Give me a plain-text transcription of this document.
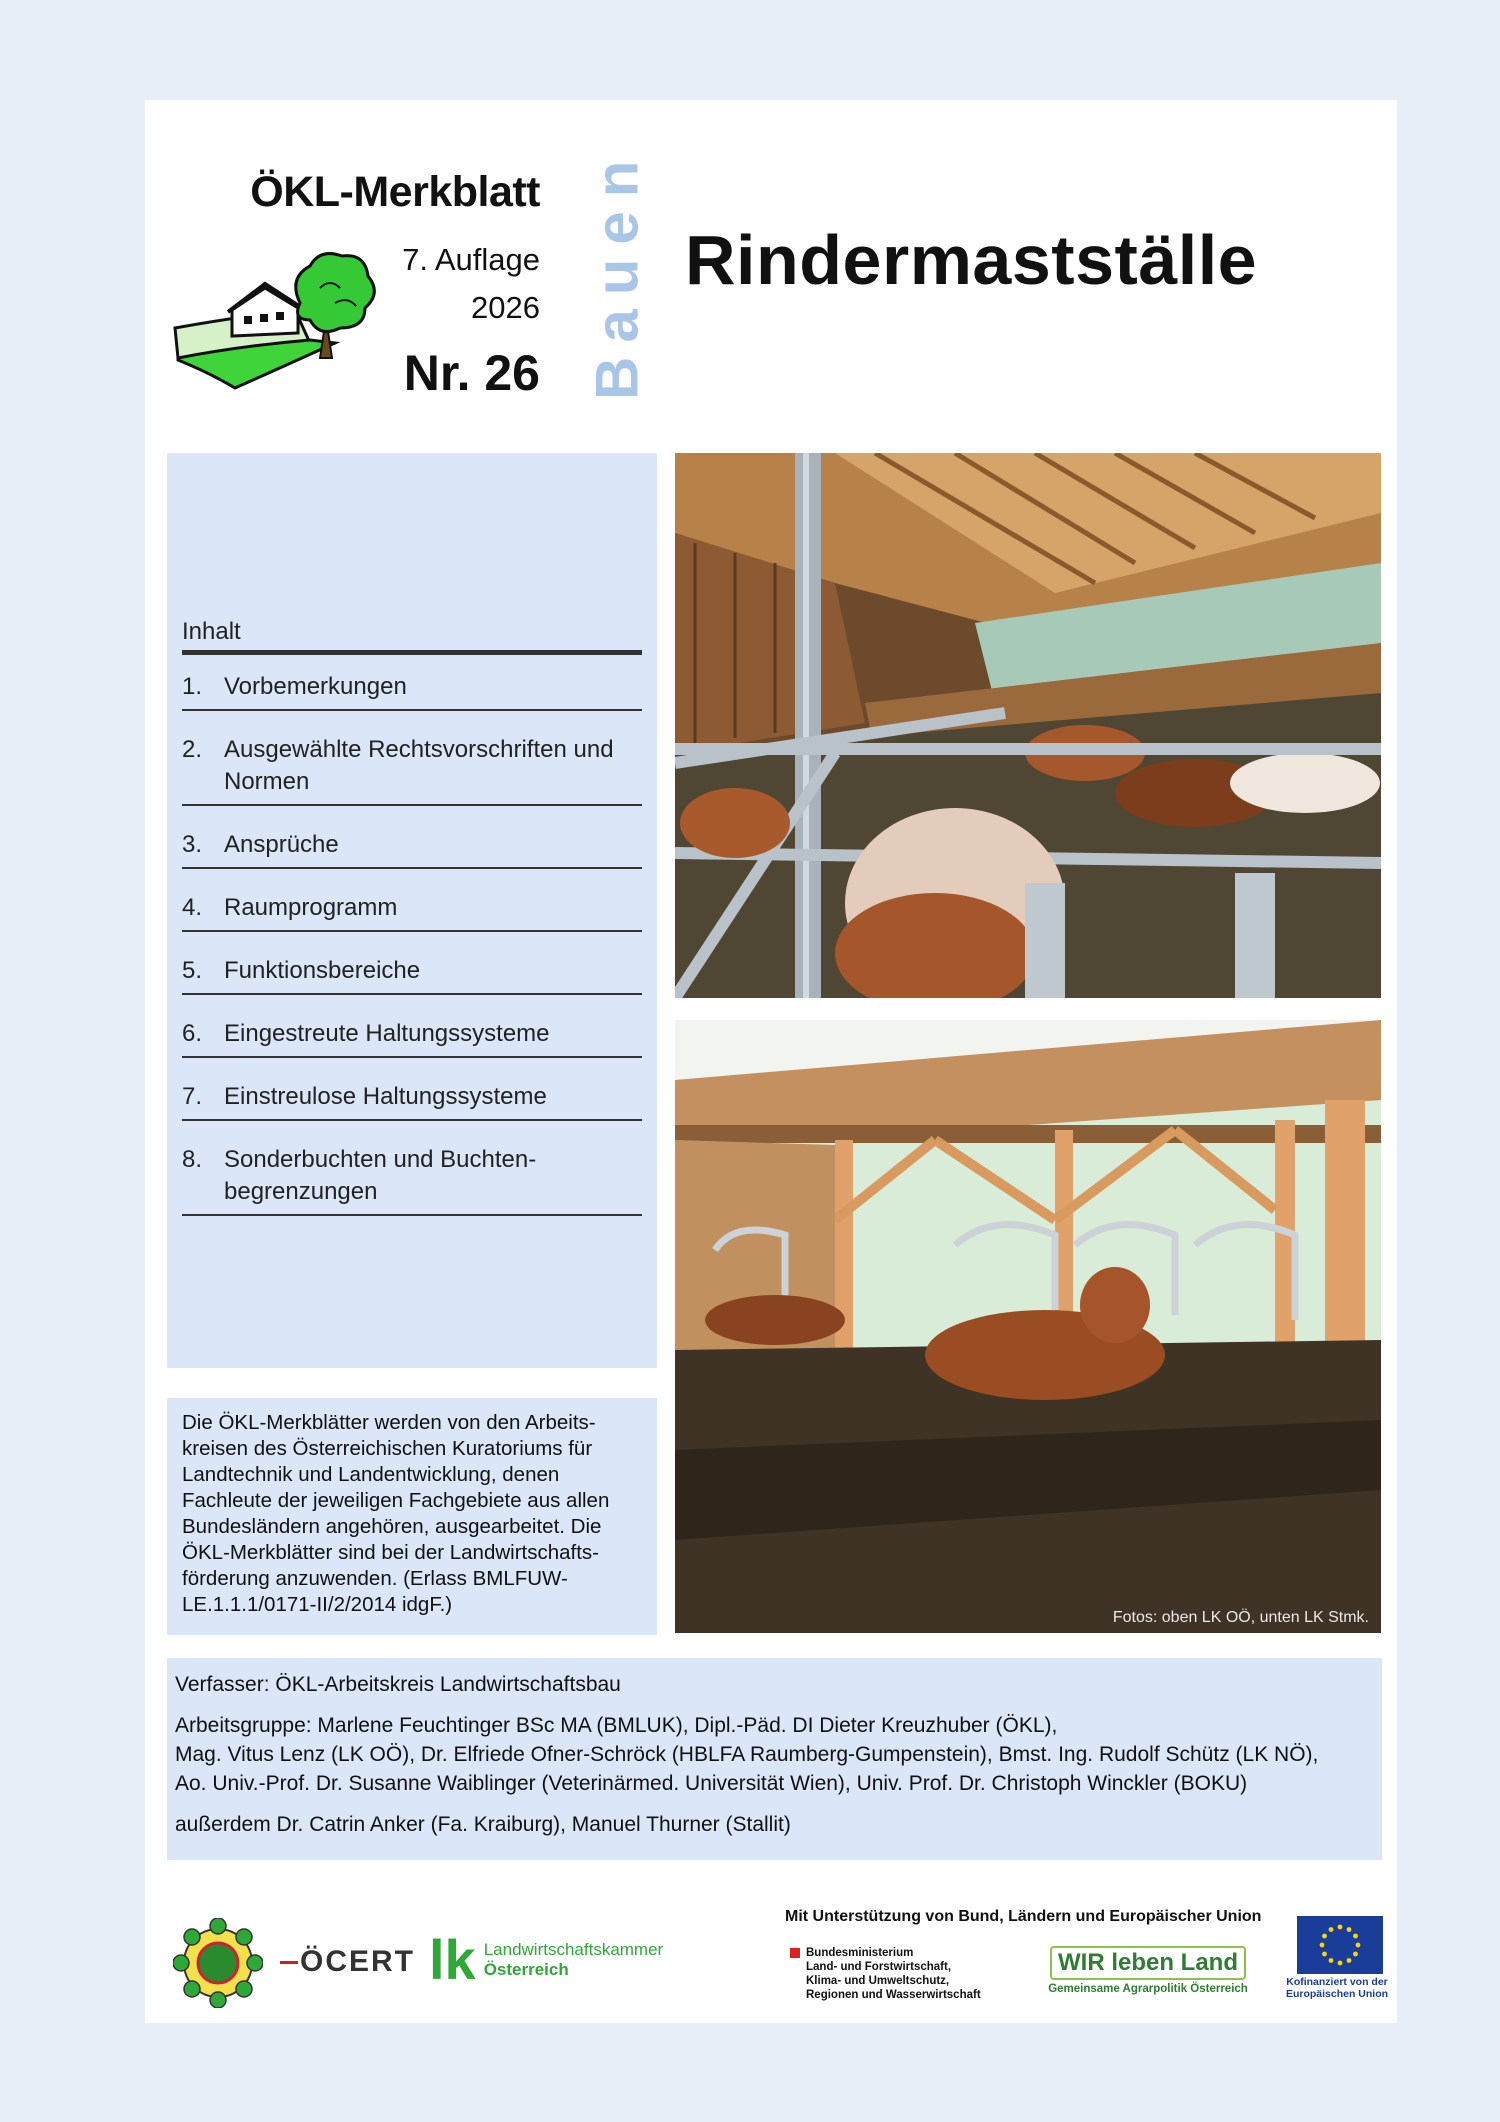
ÖKL-Merkblatt
7. Auflage
2026
Nr. 26 Bauen Rindermastställe
Inhalt
1. Vorbemerkungen
2. Ausgewählte Rechtsvorschriften und Normen
3. Ansprüche
4. Raumprogramm
5. Funktionsbereiche
6. Eingestreute Haltungssysteme
7. Einstreulose Haltungssysteme
8. Sonderbuchten und Buchten-begrenzungen
Die ÖKL-Merkblätter werden von den Arbeits-kreisen des Österreichischen Kuratoriums für Landtechnik und Landentwicklung, denen Fachleute der jeweiligen Fachgebiete aus allen Bundesländern angehören, ausgearbeitet. Die ÖKL-Merkblätter sind bei der Landwirtschafts-förderung anzuwenden. (Erlass BMLFUW-LE.1.1.1/0171-II/2/2014 idgF.)
Fotos: oben LK OÖ, unten LK Stmk.

Verfasser: ÖKL-Arbeitskreis Landwirtschaftsbau

Arbeitsgruppe: Marlene Feuchtinger BSc MA (BMLUK), Dipl.-Päd. DI Dieter Kreuzhuber (ÖKL),

Mag. Vitus Lenz (LK OÖ), Dr. Elfriede Ofner-Schröck (HBLFA Raumberg-Gumpenstein), Bmst. Ing. Rudolf Schütz (LK NÖ),

Ao. Univ.-Prof. Dr. Susanne Waiblinger (Veterinärmed. Universität Wien), Univ. Prof. Dr. Christoph Winckler (BOKU)

außerdem Dr. Catrin Anker (Fa. Kraiburg), Manuel Thurner (Stallit)

ÖCERT lk Landwirtschaftskammer
Österreich
Mit Unterstützung von Bund, Ländern und Europäischer Union
Bundesministerium
Land- und Forstwirtschaft,
Klima- und Umweltschutz,
Regionen und Wasserwirtschaft
WIR leben Land
Gemeinsame Agrarpolitik Österreich
Kofinanziert von der
Europäischen Union
